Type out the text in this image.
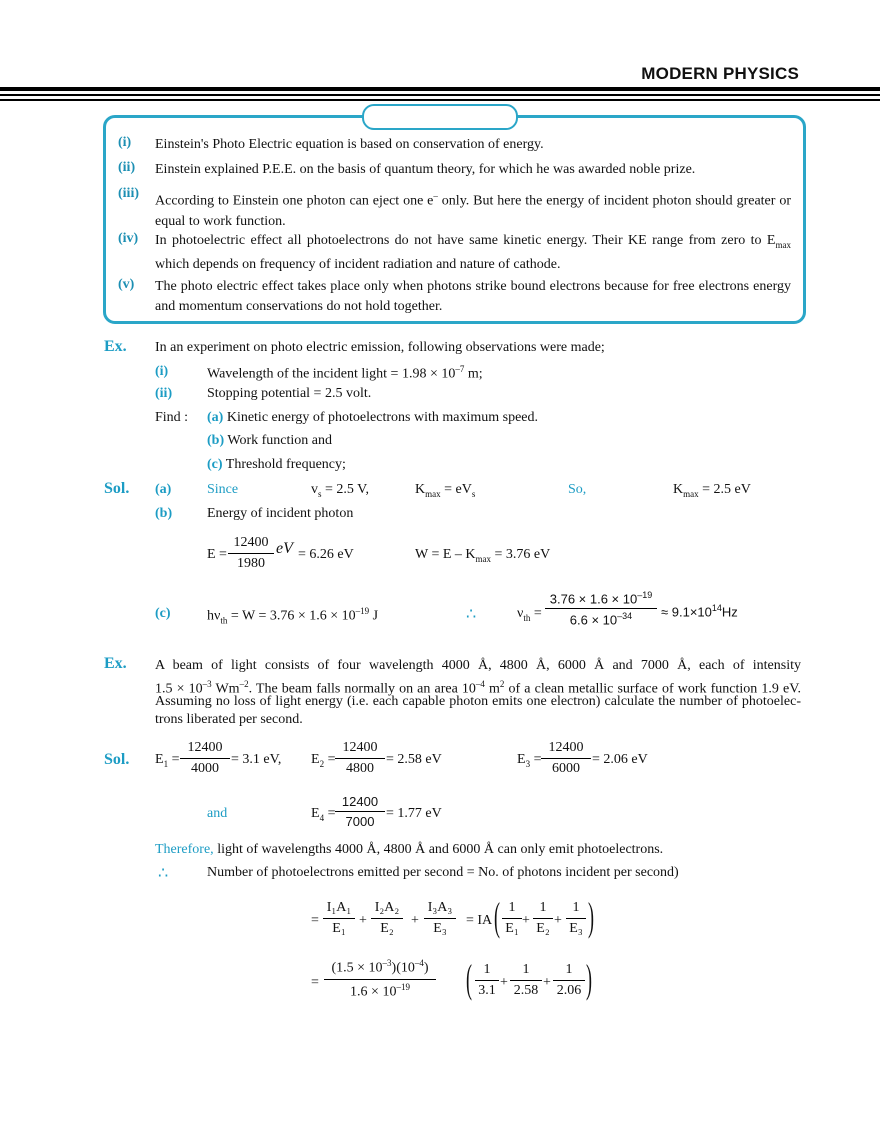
MODERN PHYSICS
(i) Einstein's Photo Electric equation is based on conservation of energy.
(ii) Einstein explained P.E.E. on the basis of quantum theory, for which he was awarded noble prize.
(iii)
According to Einstein one photon can eject one e– only. But here the energy of incident photon should greater or equal to work function.
(iv) In photoelectric effect all photoelectrons do not have same kinetic energy. Their KE range from zero to $E_{max}$ which depends on frequency of incident radiation and nature of cathode.
(v) The photo electric effect takes place only when photons strike bound electrons because for free electrons energy and momentum conservations do not hold together.
Ex. In an experiment on photo electric emission, following observations were made;
(i)	Wavelength of the incident light = $1.98 \times 10^{-7}$ m;
(ii) Stopping potential = 2.5 volt.
Find : (a) Kinetic energy of photoelectrons with maximum speed.
(b) Work function and
(c) Threshold frequency;
Sol. (a)	Since	$v_s = 2.5$ V,	$K_{max} = eV_s$	So,	$K_{max} = 2.5$ eV
(b) Energy of incident photon
E =
12400
1980
eV = 6.26 eV	$W = E - K_{max} = 3.76$ eV
(c)	$h\nu_{th} = W = 3.76 \times 1.6 \times 10^{-19}$ J	∴	$\nu_{th}$ =
$3.76 \times 1.6 \times 10^{-19}$
$6.6 \times 10^{-34}$	≈ $9.1\times 10^{14}Hz$
Ex. A beam of light consists of four wavelength 4000 Å, 4800 Å, 6000 Å and 7000 Å, each of intensity
$1.5 \times 10^{-3}$ $Wm^{-2}$. The beam falls normally on an area $10^{-4}$ $m^2$ of a clean metallic surface of work function 1.9 eV.
Assuming no loss of light energy (i.e. each capable photon emits one electron) calculate the number of photoelec-
trons liberated per second.
Sol. $E_1$ =
12400
4000
= 3.1 eV, $E_2$ =
12400
4800
= 2.58 eV	$E_3$ =
12400
6000
= 2.06 eV
and	$E_4$ =
12400
7000
= 1.77 eV
Therefore, light of wavelengths 4000 Å, 4800 Å and 6000 Å can only emit photoelectrons.
∴	Number of photoelectrons emitted per second = No. of photons incident per second)
=
I₁A₁
E₁
+
I₂A₂
E₂
+
I₃A₃
E₃
= IA ( 1
E₁
+
1
E₂
+
1
E₃ )
=
$(1.5 \times 10^{-3})(10^{-4})$
$1.6 \times 10^{-19}$	( 1
3.1
+
1
2.58
+
1
2.06 )
